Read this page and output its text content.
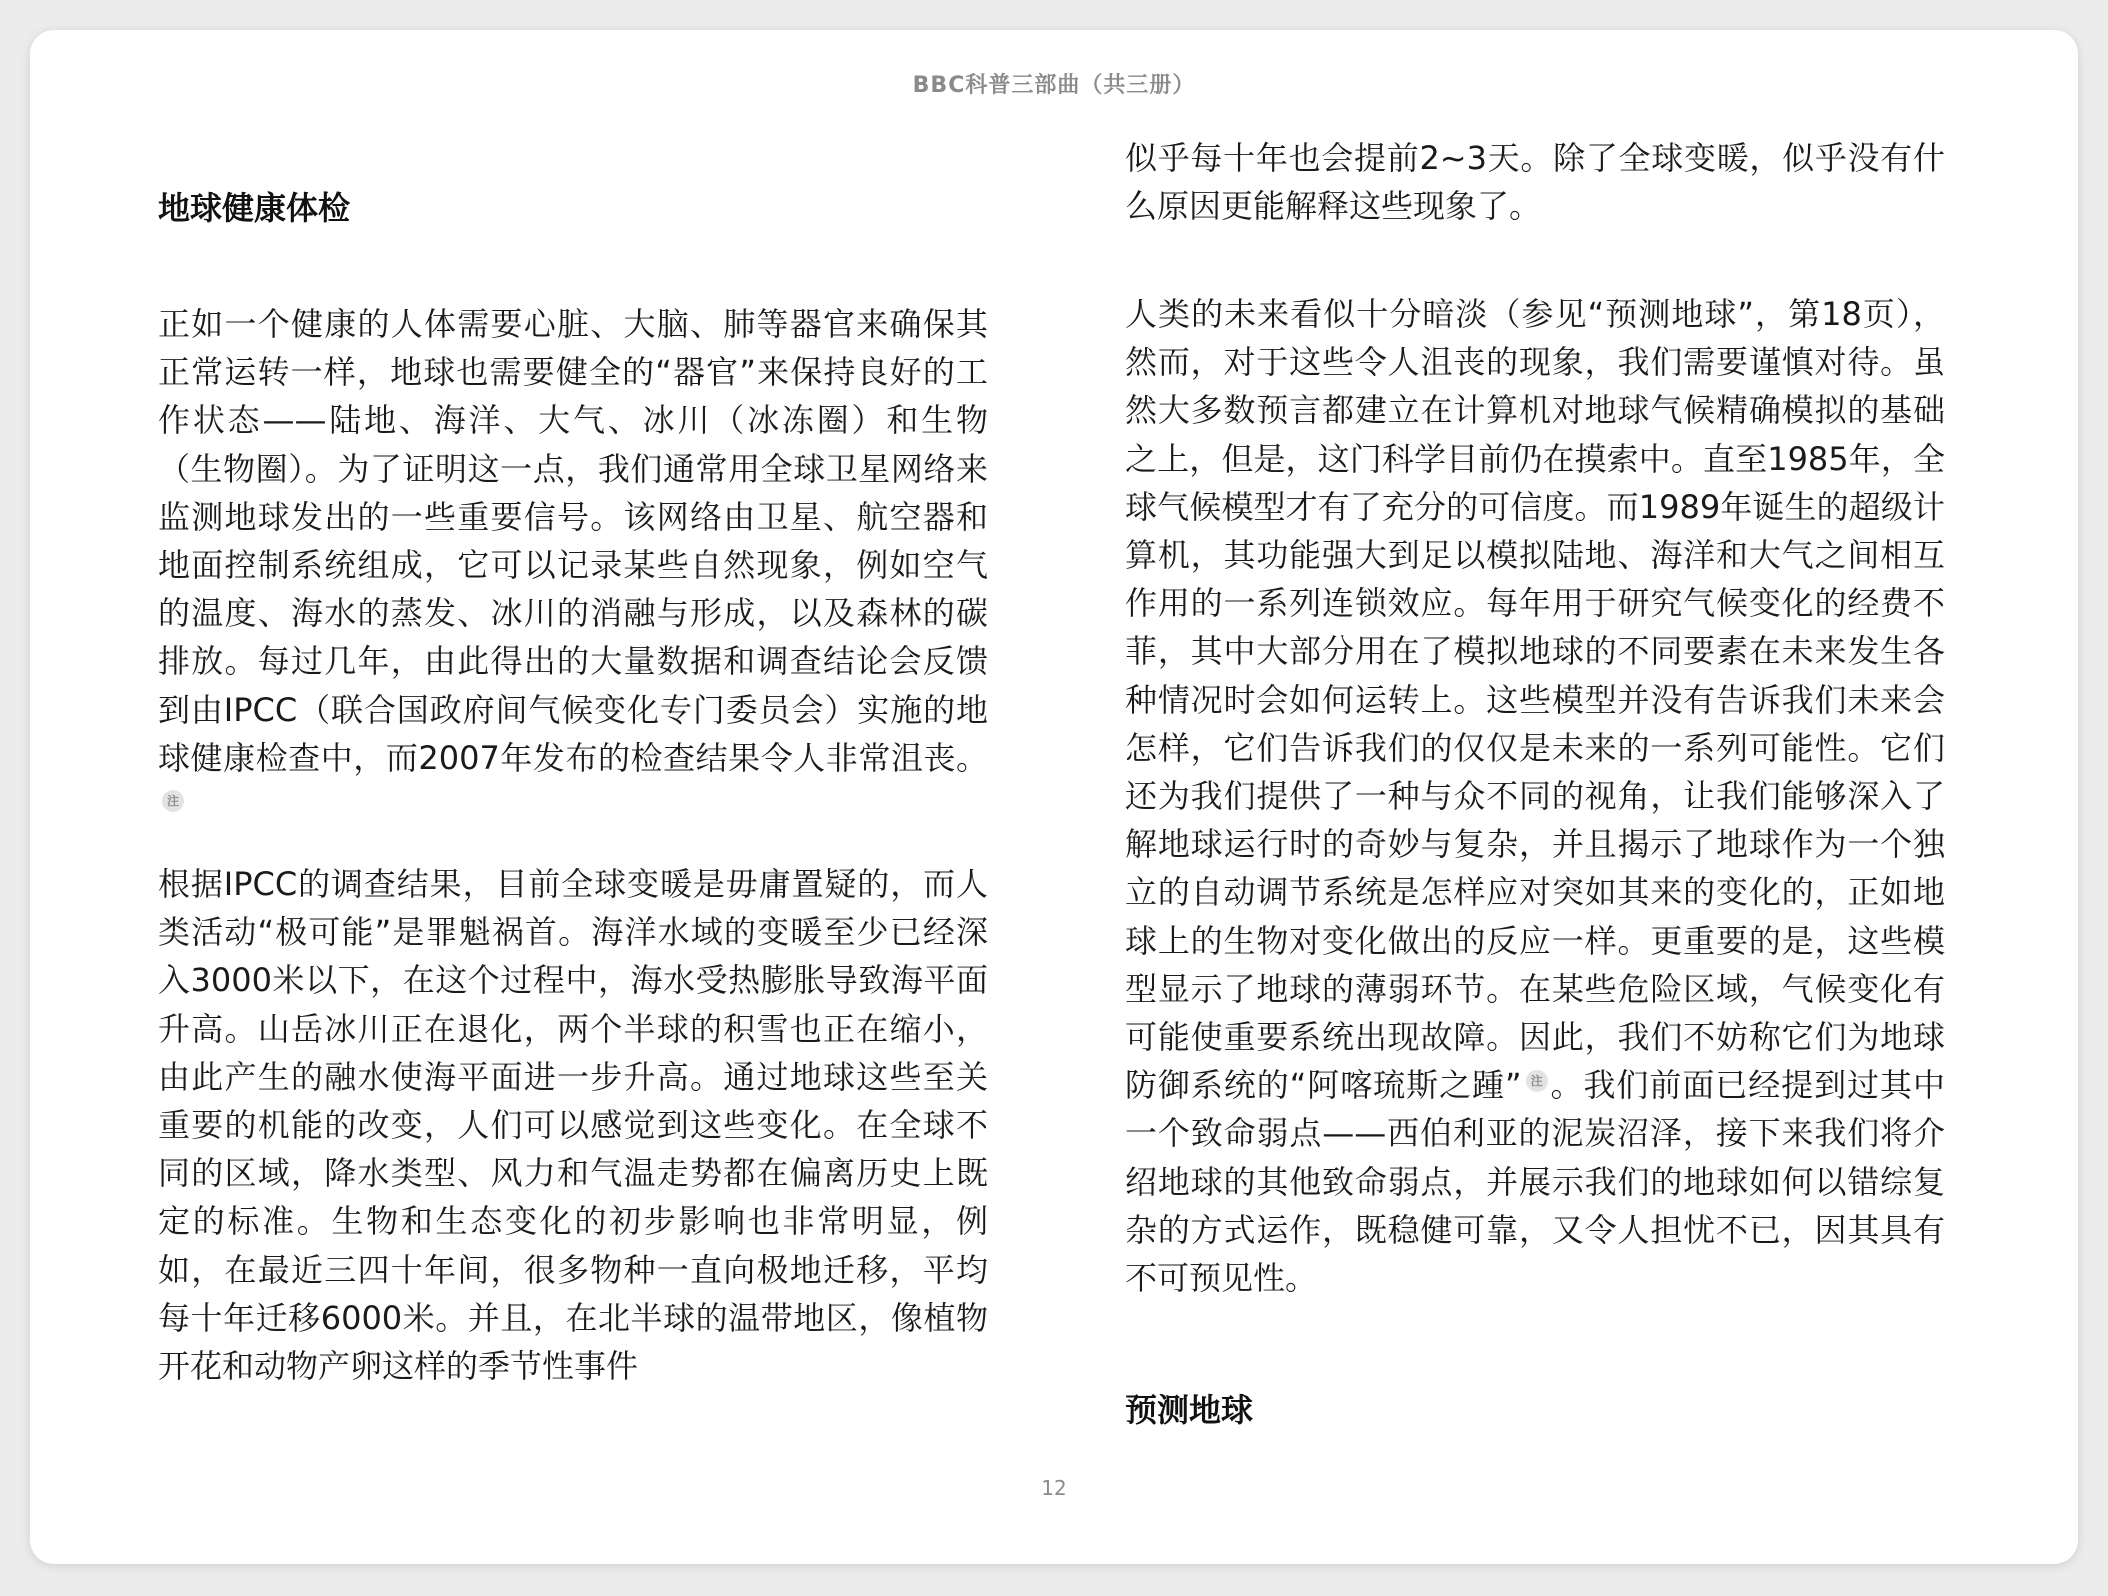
BBC科普三部曲（共三册）
地球健康体检

正如一个健康的人体需要心脏、大脑、肺等器官来确保其正常运转一样，地球也需要健全的“器官”来保持良好的工作状态——陆地、海洋、大气、冰川（冰冻圈）和生物（生物圈）。为了证明这一点，我们通常用全球卫星网络来监测地球发出的一些重要信号。该网络由卫星、航空器和地面控制系统组成，它可以记录某些自然现象，例如空气的温度、海水的蒸发、冰川的消融与形成，以及森林的碳排放。每过几年，由此得出的大量数据和调查结论会反馈到由IPCC（联合国政府间气候变化专门委员会）实施的地球健康检查中，而2007年发布的检查结果令人非常沮丧。注

根据IPCC的调查结果，目前全球变暖是毋庸置疑的，而人类活动“极可能”是罪魁祸首。海洋水域的变暖至少已经深入3000米以下，在这个过程中，海水受热膨胀导致海平面升高。山岳冰川正在退化，两个半球的积雪也正在缩小，由此产生的融水使海平面进一步升高。通过地球这些至关重要的机能的改变，人们可以感觉到这些变化。在全球不同的区域，降水类型、风力和气温走势都在偏离历史上既定的标准。生物和生态变化的初步影响也非常明显，例如，在最近三四十年间，很多物种一直向极地迁移，平均每十年迁移6000米。并且，在北半球的温带地区，像植物开花和动物产卵这样的季节性事件

似乎每十年也会提前2~3天。除了全球变暖，似乎没有什么原因更能解释这些现象了。

人类的未来看似十分暗淡（参见“预测地球”，第18页），然而，对于这些令人沮丧的现象，我们需要谨慎对待。虽然大多数预言都建立在计算机对地球气候精确模拟的基础之上，但是，这门科学目前仍在摸索中。直至1985年，全球气候模型才有了充分的可信度。而1989年诞生的超级计算机，其功能强大到足以模拟陆地、海洋和大气之间相互作用的一系列连锁效应。每年用于研究气候变化的经费不菲，其中大部分用在了模拟地球的不同要素在未来发生各种情况时会如何运转上。这些模型并没有告诉我们未来会怎样，它们告诉我们的仅仅是未来的一系列可能性。它们还为我们提供了一种与众不同的视角，让我们能够深入了解地球运行时的奇妙与复杂，并且揭示了地球作为一个独立的自动调节系统是怎样应对突如其来的变化的，正如地球上的生物对变化做出的反应一样。更重要的是，这些模型显示了地球的薄弱环节。在某些危险区域，气候变化有可能使重要系统出现故障。因此，我们不妨称它们为地球防御系统的“阿喀琉斯之踵” 注 。我们前面已经提到过其中一个致命弱点——西伯利亚的泥炭沼泽，接下来我们将介绍地球的其他致命弱点，并展示我们的地球如何以错综复杂的方式运作，既稳健可靠，又令人担忧不已，因其具有不可预见性。

预测地球
12
